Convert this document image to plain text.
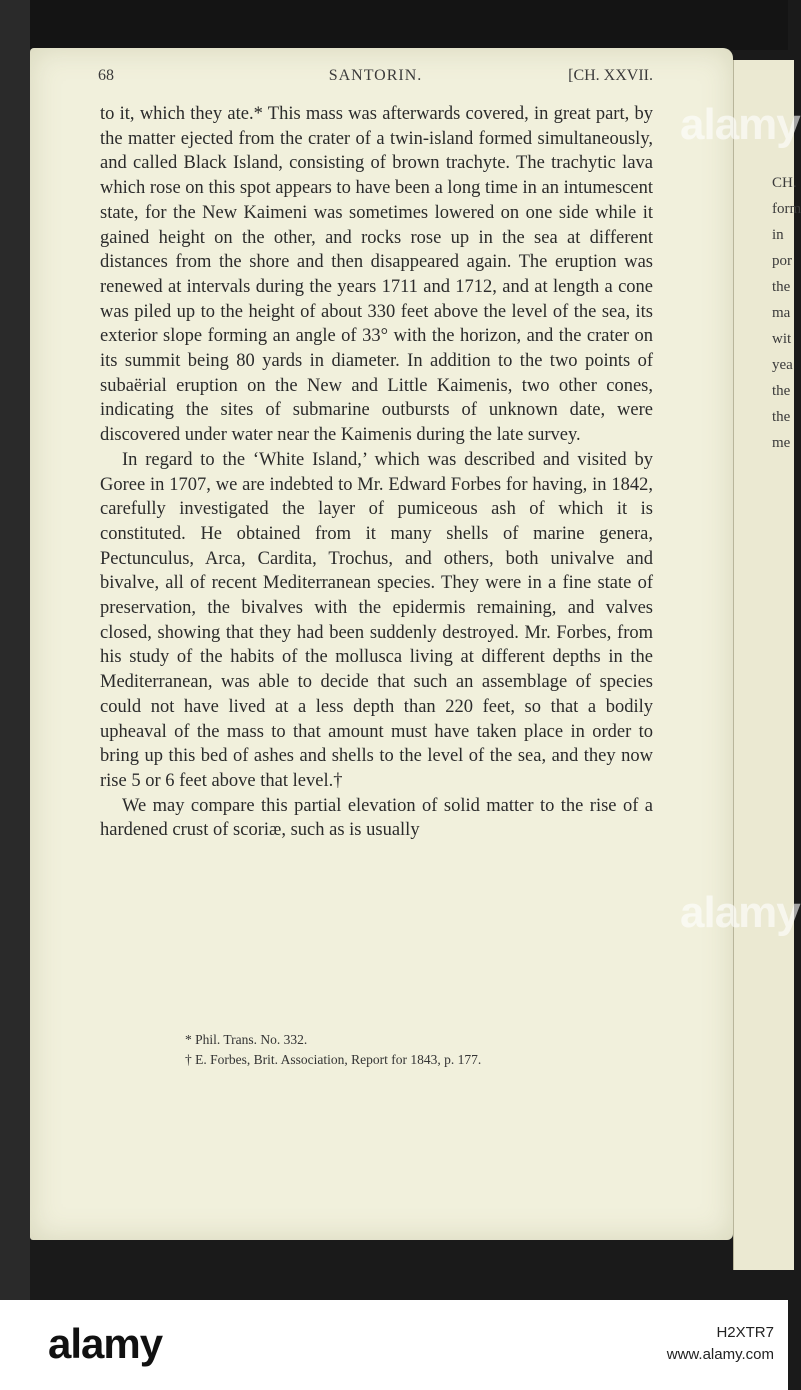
CH.
form
in
por
the
ma
wit
yea
the
the
me
68	SANTORIN.	[CH. XXVII.

to it, which they ate.* This mass was afterwards covered, in great part, by the matter ejected from the crater of a twin-island formed simultaneously, and called Black Island, consisting of brown trachyte. The trachytic lava which rose on this spot appears to have been a long time in an intumescent state, for the New Kaimeni was sometimes lowered on one side while it gained height on the other, and rocks rose up in the sea at different distances from the shore and then disappeared again. The eruption was renewed at intervals during the years 1711 and 1712, and at length a cone was piled up to the height of about 330 feet above the level of the sea, its exterior slope forming an angle of 33° with the horizon, and the crater on its summit being 80 yards in diameter. In addition to the two points of subaërial eruption on the New and Little Kaimenis, two other cones, indicating the sites of submarine outbursts of unknown date, were discovered under water near the Kaimenis during the late survey.

In regard to the ‘White Island,’ which was described and visited by Goree in 1707, we are indebted to Mr. Edward Forbes for having, in 1842, carefully investigated the layer of pumiceous ash of which it is constituted. He obtained from it many shells of marine genera, Pectunculus, Arca, Cardita, Trochus, and others, both univalve and bivalve, all of recent Mediterranean species. They were in a fine state of preservation, the bivalves with the epidermis remaining, and valves closed, showing that they had been suddenly destroyed. Mr. Forbes, from his study of the habits of the mollusca living at different depths in the Mediterranean, was able to decide that such an assemblage of species could not have lived at a less depth than 220 feet, so that a bodily upheaval of the mass to that amount must have taken place in order to bring up this bed of ashes and shells to the level of the sea, and they now rise 5 or 6 feet above that level.†

We may compare this partial elevation of solid matter to the rise of a hardened crust of scoriæ, such as is usually

* Phil. Trans. No. 332.
† E. Forbes, Brit. Association, Report for 1843, p. 177.
alamy
alamy
alamy	H2XTR7
www.alamy.com
